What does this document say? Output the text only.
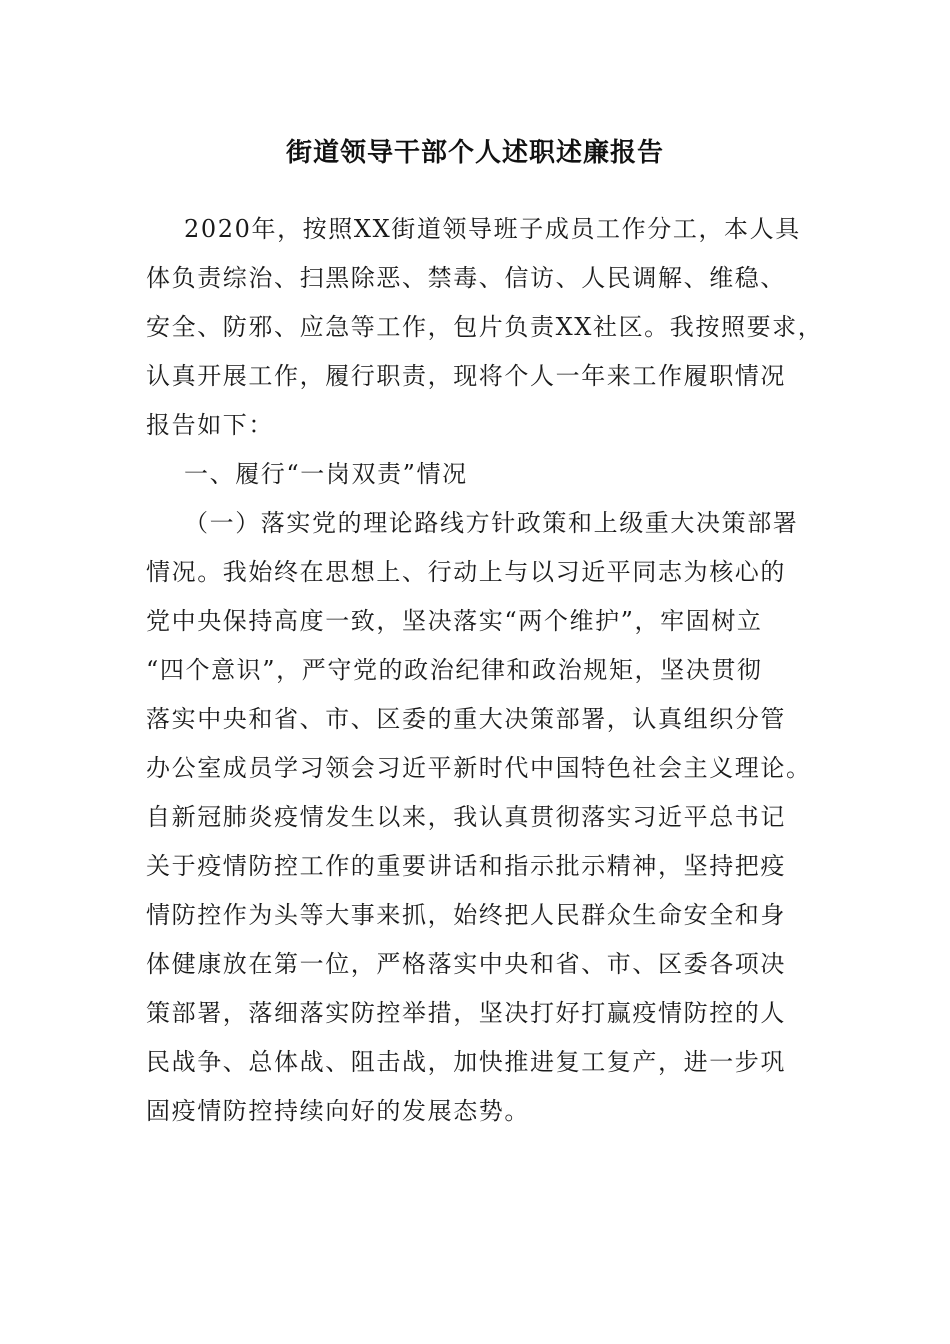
街道领导干部个人述职述廉报告

2020年，按照XX街道领导班子成员工作分工，本人具

体负责综治、扫黑除恶、禁毒、信访、人民调解、维稳、

安全、防邪、应急等工作，包片负责XX社区。我按照要求，

认真开展工作，履行职责，现将个人一年来工作履职情况

报告如下：

一、履行“一岗双责”情况

（一）落实党的理论路线方针政策和上级重大决策部署

情况。我始终在思想上、行动上与以习近平同志为核心的

党中央保持高度一致，坚决落实“两个维护”，牢固树立

“四个意识”，严守党的政治纪律和政治规矩，坚决贯彻

落实中央和省、市、区委的重大决策部署，认真组织分管

办公室成员学习领会习近平新时代中国特色社会主义理论。

自新冠肺炎疫情发生以来，我认真贯彻落实习近平总书记

关于疫情防控工作的重要讲话和指示批示精神，坚持把疫

情防控作为头等大事来抓，始终把人民群众生命安全和身

体健康放在第一位，严格落实中央和省、市、区委各项决

策部署，落细落实防控举措，坚决打好打赢疫情防控的人

民战争、总体战、阻击战，加快推进复工复产，进一步巩

固疫情防控持续向好的发展态势。
